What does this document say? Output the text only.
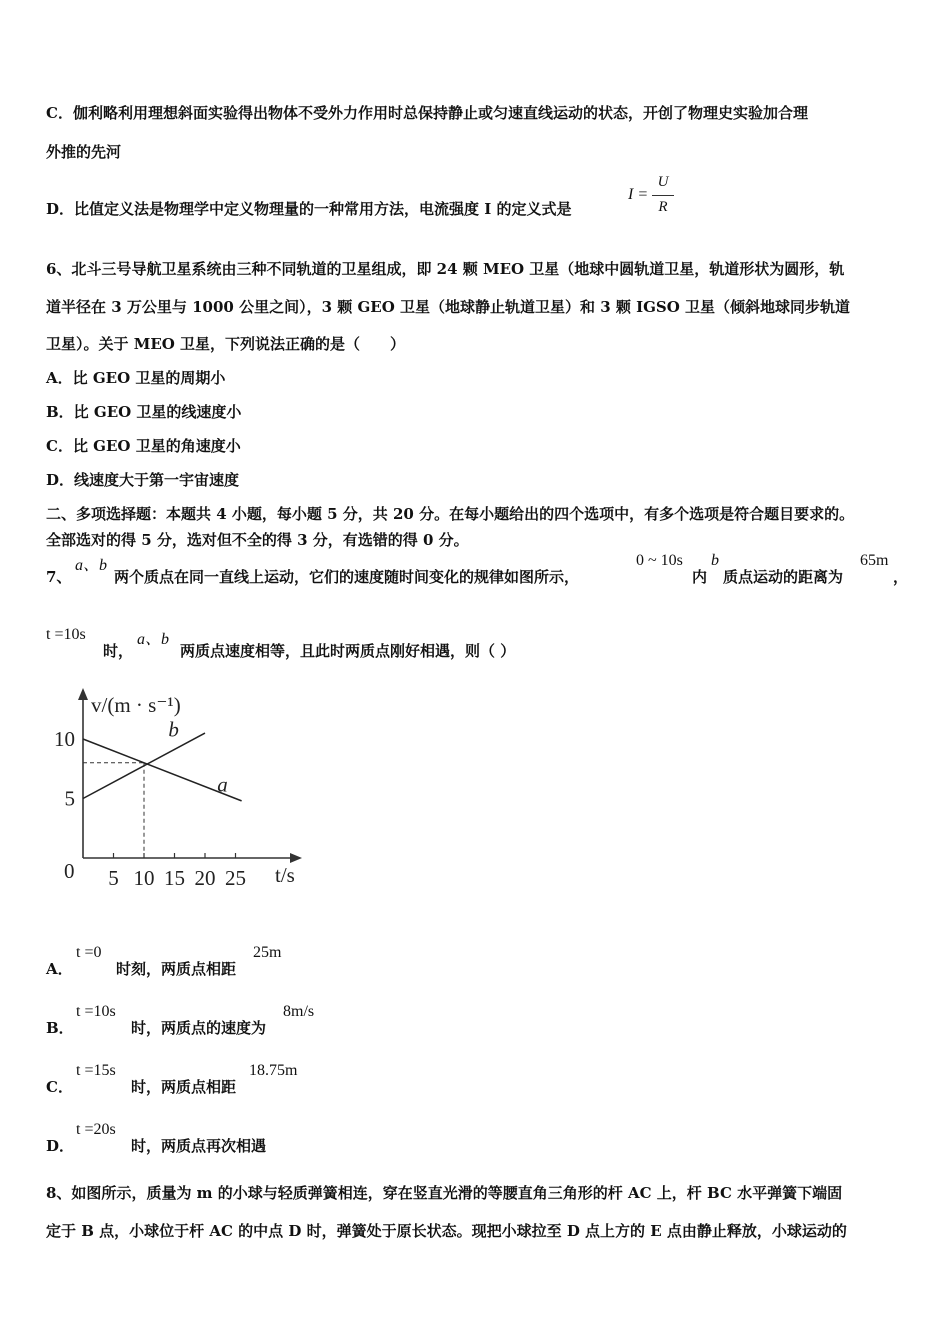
C．伽利略利用理想斜面实验得出物体不受外力作用时总保持静止或匀速直线运动的状态，开创了物理史实验加合理
外推的先河
D．比值定义法是物理学中定义物理量的一种常用方法，电流强度 I 的定义式是
I =
U
R
6、北斗三号导航卫星系统由三种不同轨道的卫星组成，即 24 颗 MEO 卫星（地球中圆轨道卫星，轨道形状为圆形，轨
道半径在 3 万公里与 1000 公里之间），3 颗 GEO 卫星（地球静止轨道卫星）和 3 颗 IGSO 卫星（倾斜地球同步轨道
卫星）。关于 MEO 卫星，下列说法正确的是（　　）
A．比 GEO 卫星的周期小
B．比 GEO 卫星的线速度小
C．比 GEO 卫星的角速度小
D．线速度大于第一宇宙速度
二、多项选择题：本题共 4 小题，每小题 5 分，共 20 分。在每小题给出的四个选项中，有多个选项是符合题目要求的。
全部选对的得 5 分，选对但不全的得 3 分，有选错的得 0 分。
7、
a、b
两个质点在同一直线上运动，它们的速度随时间变化的规律如图所示，
0 ~ 10s
内
b
质点运动的距离为
65m
，
t =10s
时，
a、b
两质点速度相等，且此时两质点刚好相遇，则（ ）
v/(m · s⁻¹)
t/s
0 5 10 15 20 25
5
10
a
b
A．
t =0
时刻，两质点相距
25m
B．
t =10s
时，两质点的速度为
8m/s
C．
t =15s
时，两质点相距
18.75m
D．
t =20s
时，两质点再次相遇
8、如图所示，质量为 m 的小球与轻质弹簧相连，穿在竖直光滑的等腰直角三角形的杆 AC 上，杆 BC 水平弹簧下端固
定于 B 点，小球位于杆 AC 的中点 D 时，弹簧处于原长状态。现把小球拉至 D 点上方的 E 点由静止释放，小球运动的
